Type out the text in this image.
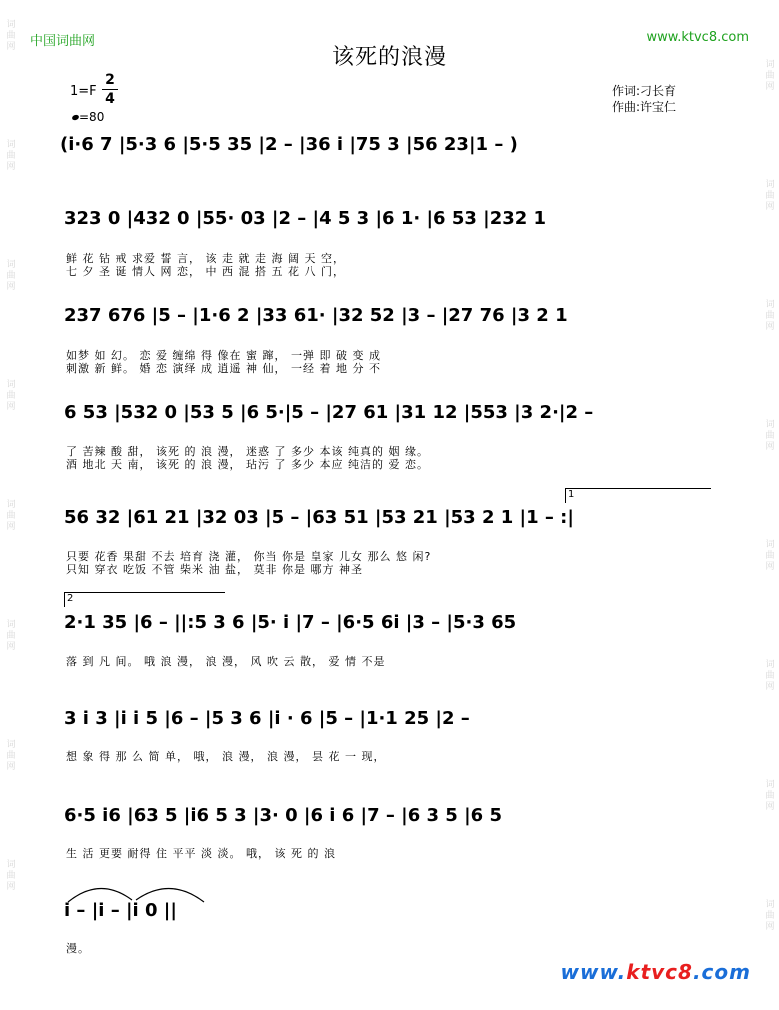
词
曲
网
词
曲
网
词
曲
网
词
曲
网
词
曲
网
词
曲
网
词
曲
网
词
曲
网
词
曲
网
词
曲
网
词
曲
网
词
曲
网
词
曲
网
词
曲
网
词
曲
网
词
曲
网
中国词曲网	www.ktvc8.com
该死的浪漫
1=F
2
4
=80
作词:刁长育
作曲:许宝仁
(i·6 7 |5·3 6 |5·5 35 |2 – |36 i |75 3 |56 23|1 – )
323 0 |432 0 |55· 03 |2 – |4 5 3 |6 1· |6 53 |232 1
鲜 花 钻 戒 求爱 誓 言， 该 走 就 走 海 阔 天 空，
七 夕 圣 诞 情人 网 恋， 中 西 混 搭 五 花 八 门，
237 676 |5 – |1·6 2 |33 61· |32 52 |3 – |27 76 |3 2 1
如梦 如 幻。 恋 爱 缠绵 得 像在 蜜 蹿， 一弹 即 破 变 成
刺激 新 鲜。 婚 恋 演绎 成 逍遥 神 仙， 一经 着 地 分 不
6 53 |532 0 |53 5 |6 5·|5 – |27 61 |31 12 |553 |3 2·|2 –
了 苦辣 酸 甜， 该死 的 浪 漫， 迷惑 了 多少 本该 纯真的 姻 缘。
酒 地北 天 南， 该死 的 浪 漫， 玷污 了 多少 本应 纯洁的 爱 恋。
1
56 32 |61 21 |32 03 |5 – |63 51 |53 21 |53 2 1 |1 – :|
只要 花香 果甜 不去 培育 浇 灌， 你当 你是 皇家 儿女 那么 悠 闲?
只知 穿衣 吃饭 不管 柴米 油 盐， 莫非 你是 哪方 神圣
2
2·1 35 |6 – ||:5 3 6 |5· i |7 – |6·5 6i |3 – |5·3 65
落 到 凡 间。 哦 浪 漫， 浪 漫， 风 吹 云 散， 爱 情 不是
3 i 3 |i i 5 |6 – |5 3 6 |i · 6 |5 – |1·1 25 |2 –
想 象 得 那 么 简 单， 哦， 浪 漫， 浪 漫， 昙 花 一 现，
6·5 i6 |63 5 |i6 5 3 |3· 0 |6 i 6 |7 – |6 3 5 |6 5
生 活 更要 耐得 住 平平 淡 淡。 哦， 该 死 的 浪
i – |i – |i 0 ||
漫。
www.ktvc8.com
